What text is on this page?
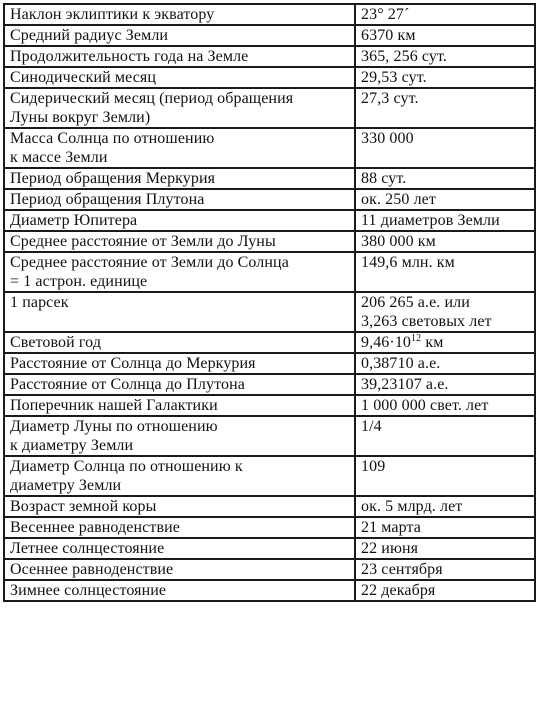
Наклон эклиптики к экватору	23° 27´

Средний радиус Земли	6370 км

Продолжительность года на Земле	365, 256 сут.

Синодический месяц	29,53 сут.

Сидерический месяц (период обращения
Луны вокруг Земли)	27,3 сут.

Масса Солнца по отношению
к массе Земли	330 000

Период обращения Меркурия	88 сут.

Период обращения Плутона	ок. 250 лет

Диаметр Юпитера	11 диаметров Земли

Среднее расстояние от Земли до Луны	380 000 км

Среднее расстояние от Земли до Солнца
= 1 астрон. единице	149,6 млн. км

1 парсек	206 265 а.е. или
3,263 световых лет

Световой год	$9,46\cdot 10^{12}$ км

Расстояние от Солнца до Меркурия	0,38710 а.е.

Расстояние от Солнца до Плутона	39,23107 а.е.

Поперечник нашей Галактики	1 000 000 свет. лет

Диаметр Луны по отношению
к диаметру Земли	1/4

Диаметр Солнца по отношению к
диаметру Земли	109

Возраст земной коры	ок. 5 млрд. лет

Весеннее равноденствие	21 марта

Летнее солнцестояние	22 июня

Осеннее равноденствие	23 сентября

Зимнее солнцестояние	22 декабря
